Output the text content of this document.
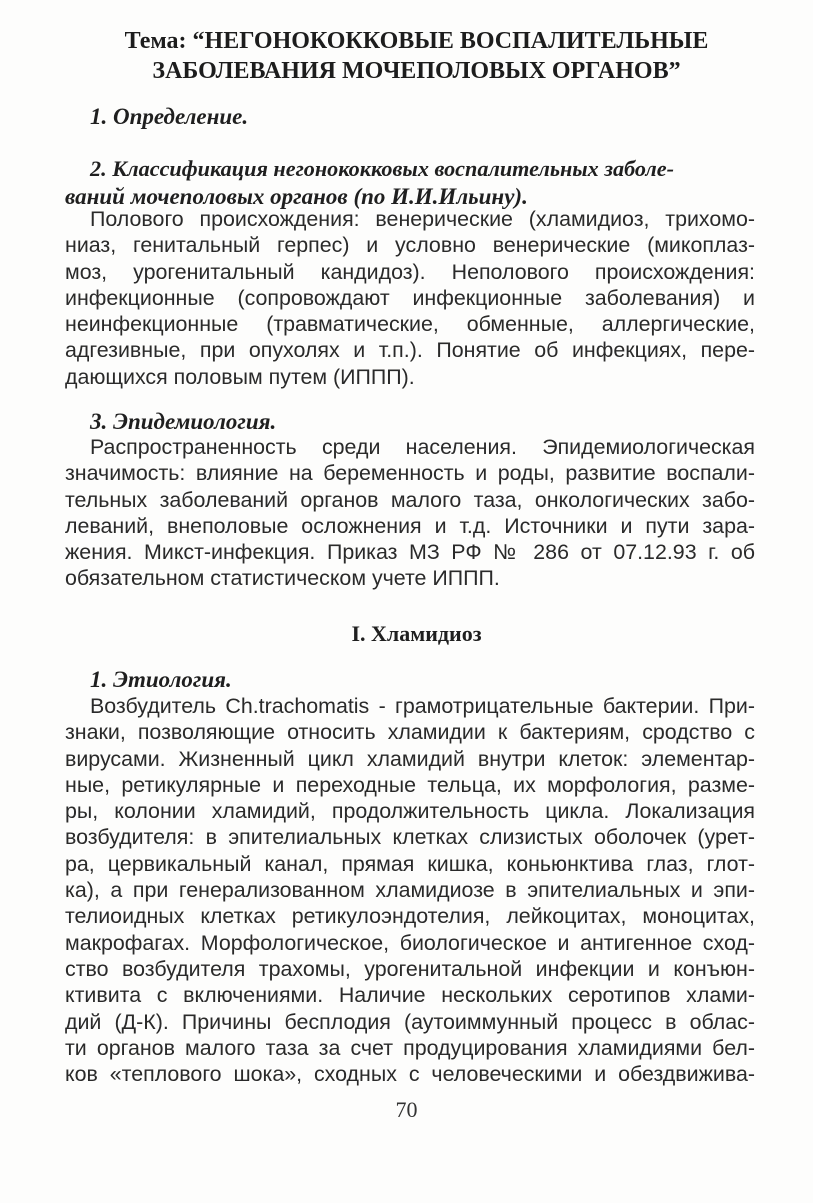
Тема: “НЕГОНОКОККОВЫЕ ВОСПАЛИТЕЛЬНЫЕ
ЗАБОЛЕВАНИЯ МОЧЕПОЛОВЫХ ОРГАНОВ”
1. Определение.
2. Классификация негонококковых воспалительных заболе-
ваний мочеполовых органов (по И.И.Ильину).
Полового происхождения: венерические (хламидиоз, трихомо-
ниаз, генитальный герпес) и условно венерические (микоплаз-
моз, урогенитальный кандидоз). Неполового происхождения:
инфекционные (сопровождают инфекционные заболевания) и
неинфекционные (травматические, обменные, аллергические,
адгезивные, при опухолях и т.п.). Понятие об инфекциях, пере-
дающихся половым путем (ИППП).
3. Эпидемиология.
Распространенность среди населения. Эпидемиологическая
значимость: влияние на беременность и роды, развитие воспали-
тельных заболеваний органов малого таза, онкологических забо-
леваний, внеполовые осложнения и т.д. Источники и пути зара-
жения. Микст-инфекция. Приказ МЗ РФ № 286 от 07.12.93 г. об
обязательном статистическом учете ИППП.
I. Хламидиоз
1. Этиология.
Возбудитель Ch.trachomatis - грамотрицательные бактерии. При-
знаки, позволяющие относить хламидии к бактериям, сродство с
вирусами. Жизненный цикл хламидий внутри клеток: элементар-
ные, ретикулярные и переходные тельца, их морфология, разме-
ры, колонии хламидий, продолжительность цикла. Локализация
возбудителя: в эпителиальных клетках слизистых оболочек (урет-
ра, цервикальный канал, прямая кишка, коньюнктива глаз, глот-
ка), а при генерализованном хламидиозе в эпителиальных и эпи-
телиоидных клетках ретикулоэндотелия, лейкоцитах, моноцитах,
макрофагах. Морфологическое, биологическое и антигенное сход-
ство возбудителя трахомы, урогенитальной инфекции и конъюн-
ктивита с включениями. Наличие нескольких серотипов хлами-
дий (Д-К). Причины бесплодия (аутоиммунный процесс в облас-
ти органов малого таза за счет продуцирования хламидиями бел-
ков «теплового шока», сходных с человеческими и обездвижива-

70
